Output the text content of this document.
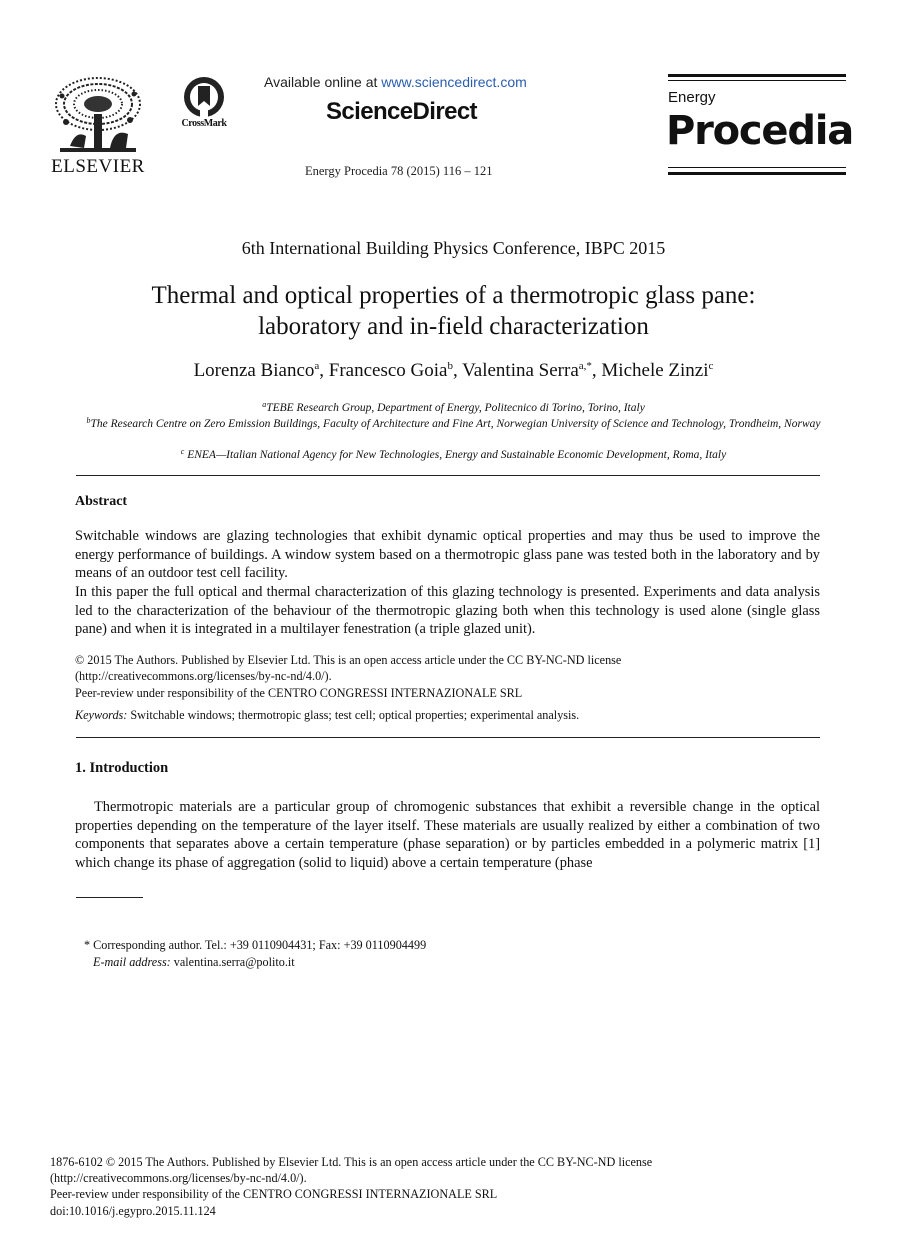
ELSEVIER
CrossMark
Available online at www.sciencedirect.com
ScienceDirect
Energy Procedia 78 (2015) 116 – 121
Energy
Procedia
6th International Building Physics Conference, IBPC 2015
Thermal and optical properties of a thermotropic glass pane:
laboratory and in-field characterization
Lorenza Bianco$^a$, Francesco Goia$^b$, Valentina Serra$^{a,*}$, Michele Zinzi$^c$
$^a$TEBE Research Group, Department of Energy, Politecnico di Torino, Torino, Italy
$^b$The Research Centre on Zero Emission Buildings, Faculty of Architecture and Fine Art, Norwegian University of Science and Technology, Trondheim, Norway
$^c$ ENEA—Italian National Agency for New Technologies, Energy and Sustainable Economic Development, Roma, Italy
Abstract
Switchable windows are glazing technologies that exhibit dynamic optical properties and may thus be used to improve the energy performance of buildings. A window system based on a thermotropic glass pane was tested both in the laboratory and by means of an outdoor test cell facility.
In this paper the full optical and thermal characterization of this glazing technology is presented. Experiments and data analysis led to the characterization of the behaviour of the thermotropic glazing both when this technology is used alone (single glass pane) and when it is integrated in a multilayer fenestration (a triple glazed unit).
© 2015 The Authors. Published by Elsevier Ltd. This is an open access article under the CC BY-NC-ND license
(http://creativecommons.org/licenses/by-nc-nd/4.0/).
Peer-review under responsibility of the CENTRO CONGRESSI INTERNAZIONALE SRL
Keywords: Switchable windows; thermotropic glass; test cell; optical properties; experimental analysis.
1. Introduction
Thermotropic materials are a particular group of chromogenic substances that exhibit a reversible change in the optical properties depending on the temperature of the layer itself. These materials are usually realized by either a combination of two components that separates above a certain temperature (phase separation) or by particles embedded in a polymeric matrix [1] which change its phase of aggregation (solid to liquid) above a certain temperature (phase
* Corresponding author. Tel.: +39 0110904431; Fax: +39 0110904499
E-mail address: valentina.serra@polito.it
1876-6102 © 2015 The Authors. Published by Elsevier Ltd. This is an open access article under the CC BY-NC-ND license
(http://creativecommons.org/licenses/by-nc-nd/4.0/).
Peer-review under responsibility of the CENTRO CONGRESSI INTERNAZIONALE SRL
doi:10.1016/j.egypro.2015.11.124
